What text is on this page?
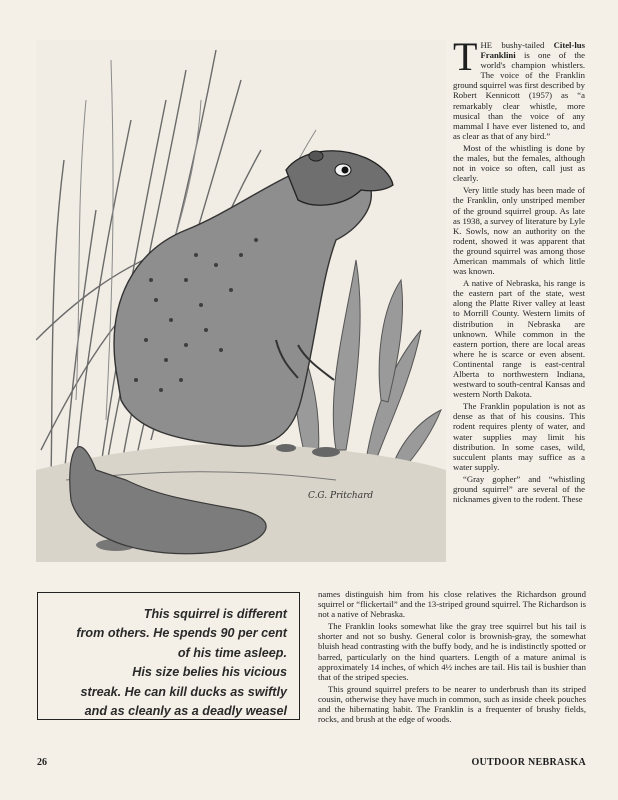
C.G. Pritchard

THE bushy-tailed Citel-lus Franklini is one of the world's champion whistlers. The voice of the Franklin ground squirrel was first described by Robert Kennicott (1957) as “a remarkably clear whistle, more musical than the voice of any mammal I have ever listened to, and as clear as that of any bird.”

Most of the whistling is done by the males, but the females, although not in voice so often, call just as clearly.

Very little study has been made of the Franklin, only unstriped member of the ground squirrel group. As late as 1938, a survey of literature by Lyle K. Sowls, now an authority on the rodent, showed it was apparent that the ground squirrel was among those American mammals of which little was known.

A native of Nebraska, his range is the eastern part of the state, west along the Platte River valley at least to Morrill County. Western limits of distribution in Nebraska are unknown. While common in the eastern portion, there are local areas where he is scarce or even absent. Continental range is east-central Alberta to northwestern Indiana, westward to south-central Kansas and western North Dakota.

The Franklin population is not as dense as that of his cousins. This rodent requires plenty of water, and water supplies may limit his distribution. In some cases, wild, succulent plants may suffice as a water supply.

“Gray gopher” and “whistling ground squirrel” are several of the nicknames given to the rodent. These

This squirrel is different
from others. He spends 90 per cent
of his time asleep.
His size belies his vicious
streak. He can kill ducks as swiftly
and as cleanly as a deadly weasel

names distinguish him from his close relatives the Richardson ground squirrel or “flickertail” and the 13-striped ground squirrel. The Richardson is not a native of Nebraska.

The Franklin looks somewhat like the gray tree squirrel but his tail is shorter and not so bushy. General color is brownish-gray, the somewhat bluish head contrasting with the buffy body, and he is indistinctly spotted or barred, particularly on the hind quarters. Length of a mature animal is approximately 14 inches, of which 4½ inches are tail. His tail is bushier than that of the striped species.

This ground squirrel prefers to be nearer to underbrush than its striped cousin, otherwise they have much in common, such as inside cheek pouches and the hibernating habit. The Franklin is a frequenter of brushy fields, rocks, and brush at the edge of woods.

26	OUTDOOR NEBRASKA
